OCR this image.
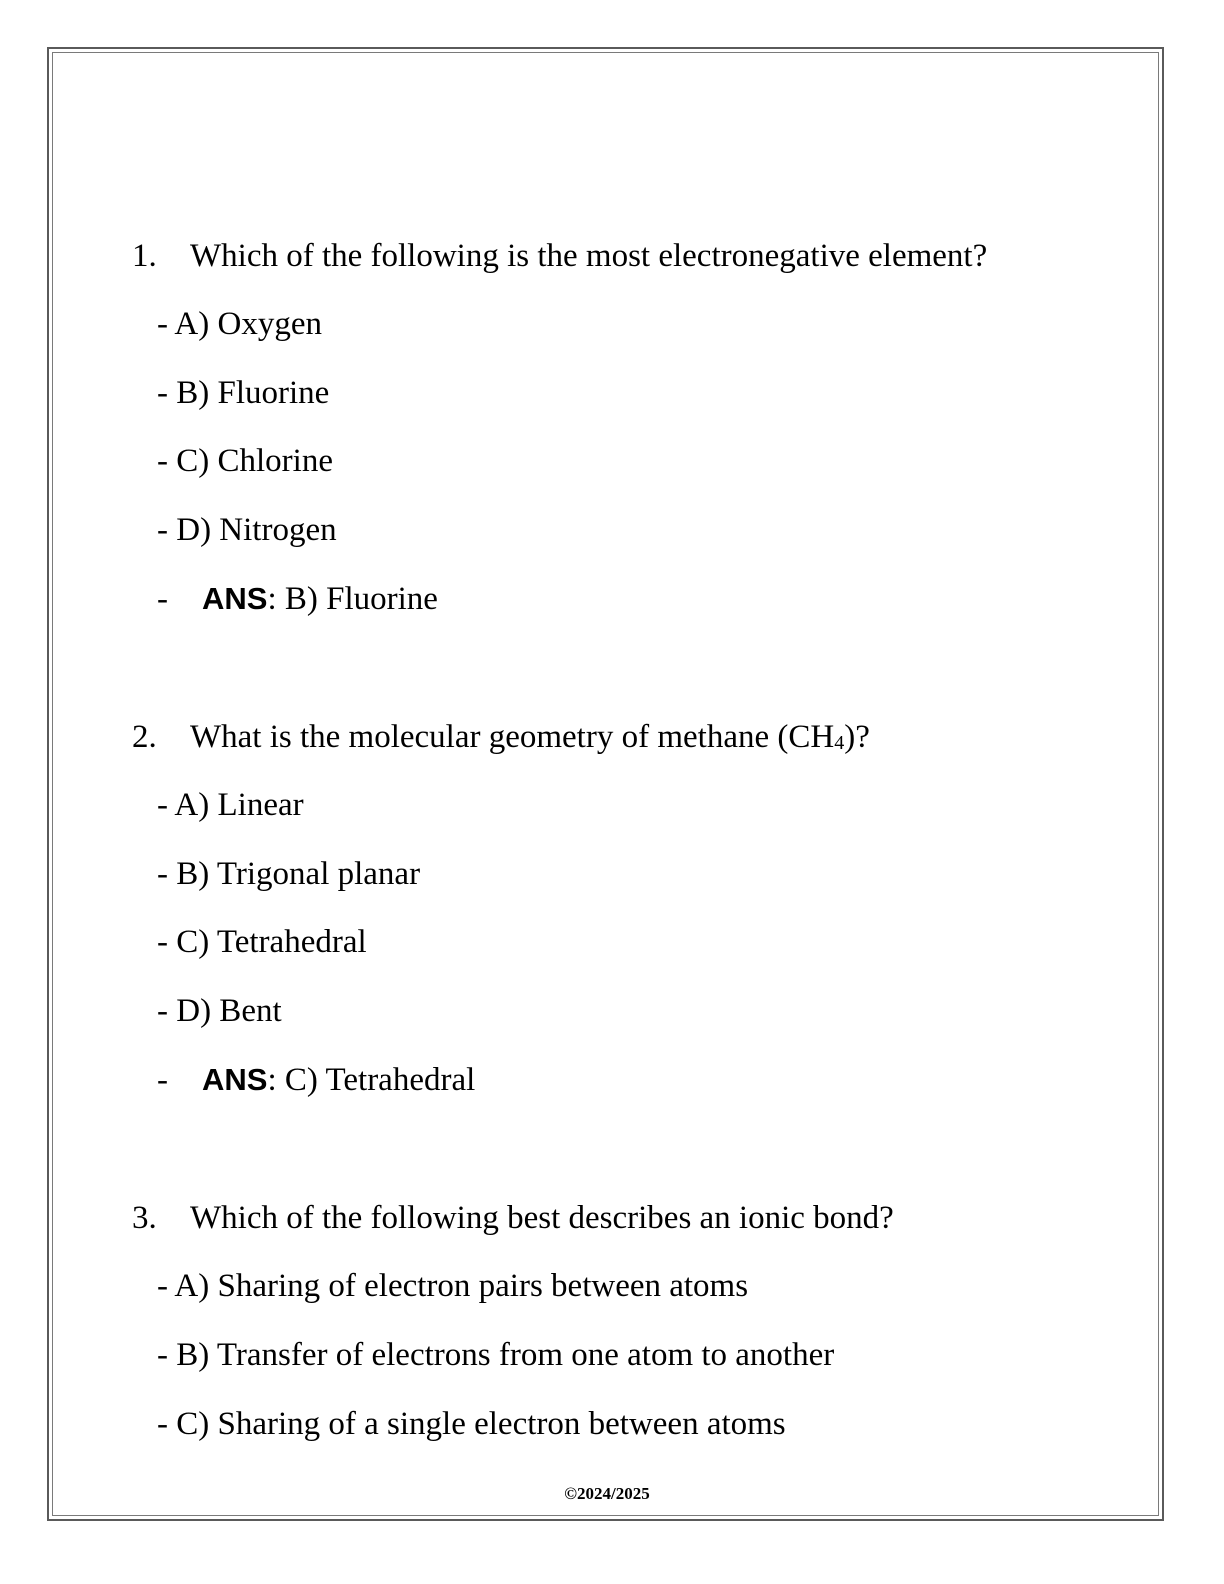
1. Which of the following is the most electronegative element?
- A) Oxygen
- B) Fluorine
- C) Chlorine
- D) Nitrogen
- ANS: B) Fluorine
2. What is the molecular geometry of methane (CH4)?
- A) Linear
- B) Trigonal planar
- C) Tetrahedral
- D) Bent
- ANS: C) Tetrahedral
3. Which of the following best describes an ionic bond?
- A) Sharing of electron pairs between atoms
- B) Transfer of electrons from one atom to another
- C) Sharing of a single electron between atoms
©2024/2025
